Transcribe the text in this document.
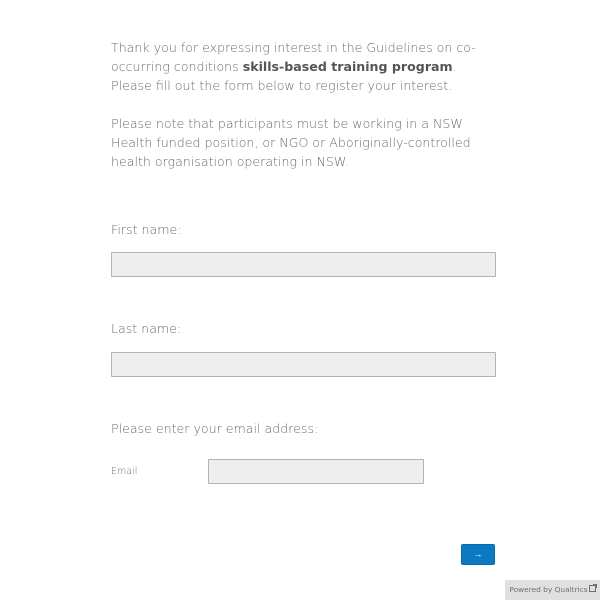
Thank you for expressing interest in the Guidelines on co-occurring conditions skills-based training program. Please fill out the form below to register your interest.

Please note that participants must be working in a NSW Health funded position, or NGO or Aboriginally-controlled health organisation operating in NSW.

First name:
Last name:
Please enter your email address:
Email
→
Powered by Qualtrics
